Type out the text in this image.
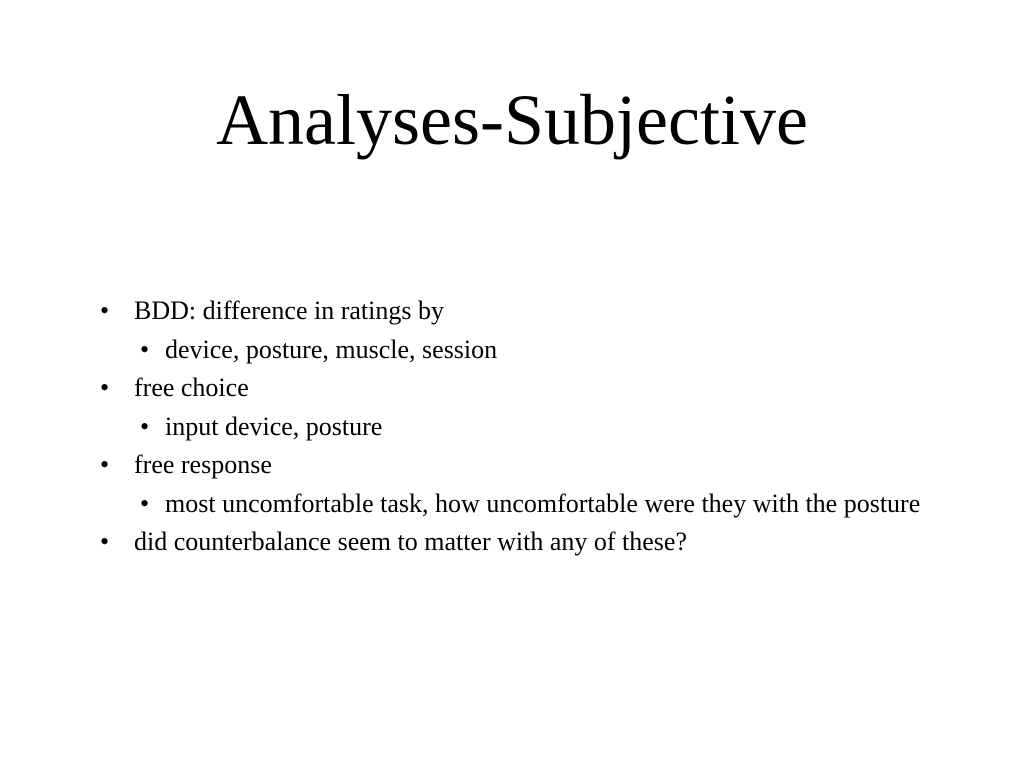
Analyses-Subjective
• BDD: difference in ratings by
• device, posture, muscle, session
• free choice
• input device, posture
• free response
• most uncomfortable task, how uncomfortable were they with the posture
• did counterbalance seem to matter with any of these?
